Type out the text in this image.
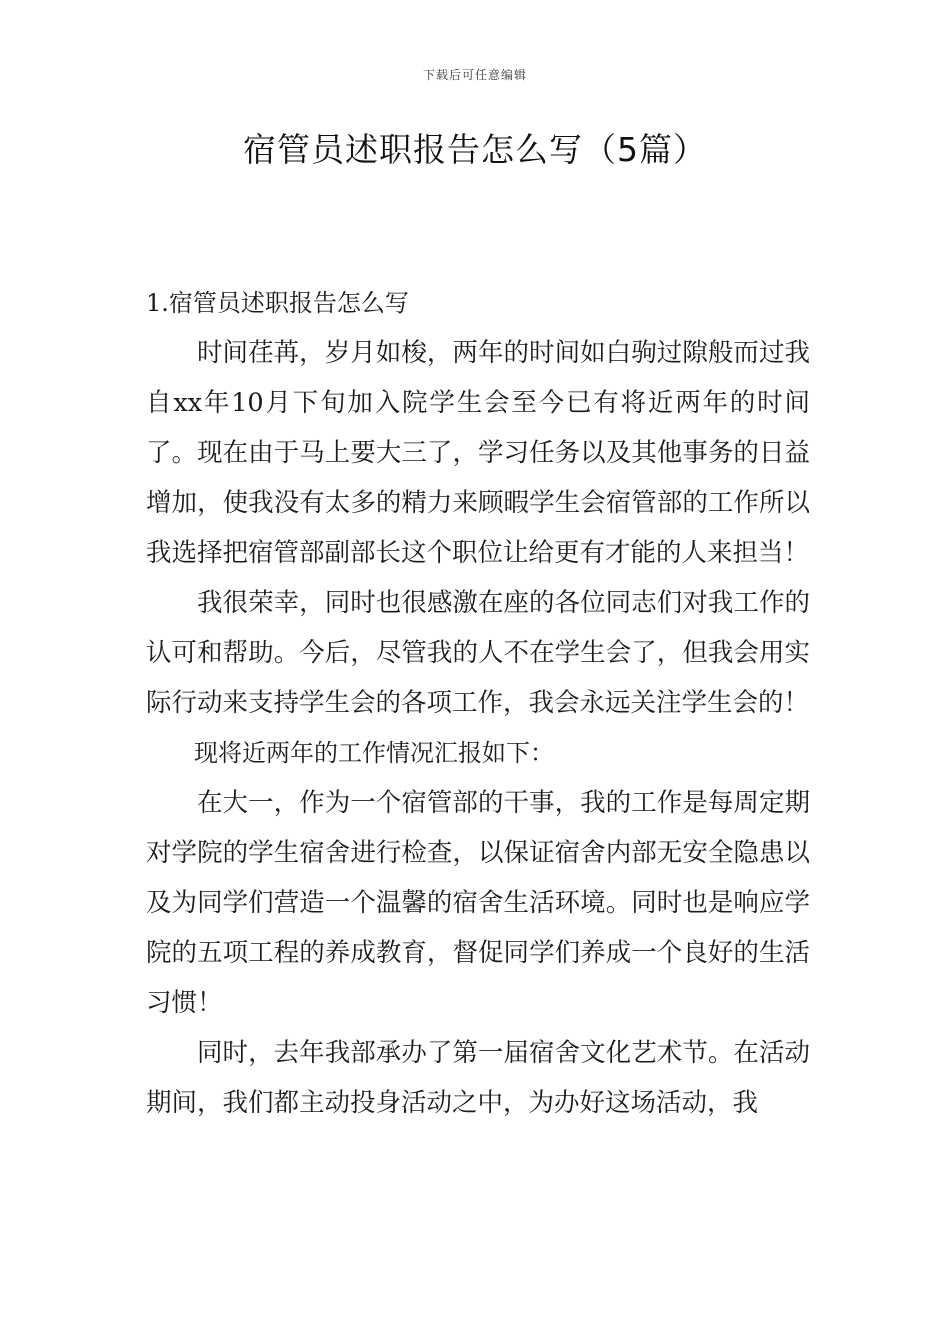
下载后可任意编辑
宿管员述职报告怎么写（5篇）

1.宿管员述职报告怎么写

时间荏苒，岁月如梭，两年的时间如白驹过隙般而过我自xx年10月下旬加入院学生会至今已有将近两年的时间了。现在由于马上要大三了，学习任务以及其他事务的日益增加，使我没有太多的精力来顾暇学生会宿管部的工作所以我选择把宿管部副部长这个职位让给更有才能的人来担当！

我很荣幸，同时也很感激在座的各位同志们对我工作的认可和帮助。今后，尽管我的人不在学生会了，但我会用实际行动来支持学生会的各项工作，我会永远关注学生会的！

现将近两年的工作情况汇报如下：

在大一，作为一个宿管部的干事，我的工作是每周定期对学院的学生宿舍进行检查，以保证宿舍内部无安全隐患以及为同学们营造一个温馨的宿舍生活环境。同时也是响应学院的五项工程的养成教育，督促同学们养成一个良好的生活习惯！

同时，去年我部承办了第一届宿舍文化艺术节。在活动期间，我们都主动投身活动之中，为办好这场活动，我
